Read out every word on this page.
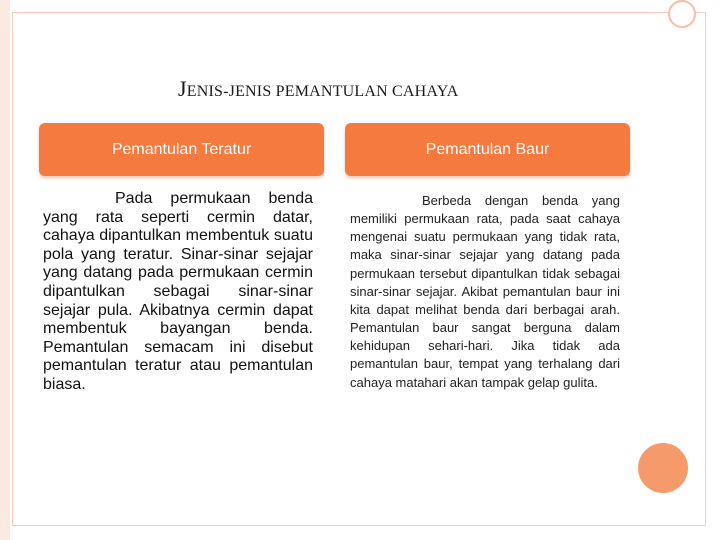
JENIS-JENIS PEMANTULAN CAHAYA
Pemantulan Teratur	Pemantulan Baur
Pada permukaan benda yang rata seperti cermin datar, cahaya dipantulkan membentuk suatu pola yang teratur. Sinar-sinar sejajar yang datang pada permukaan cermin dipantulkan sebagai sinar-sinar sejajar pula. Akibatnya cermin dapat membentuk bayangan benda. Pemantulan semacam ini disebut pemantulan teratur atau pemantulan biasa.
Berbeda dengan benda yang memiliki permukaan rata, pada saat cahaya mengenai suatu permukaan yang tidak rata, maka sinar-sinar sejajar yang datang pada permukaan tersebut dipantulkan tidak sebagai sinar-sinar sejajar. Akibat pemantulan baur ini kita dapat melihat benda dari berbagai arah. Pemantulan baur sangat berguna dalam kehidupan sehari-hari. Jika tidak ada pemantulan baur, tempat yang terhalang dari cahaya matahari akan tampak gelap gulita.
